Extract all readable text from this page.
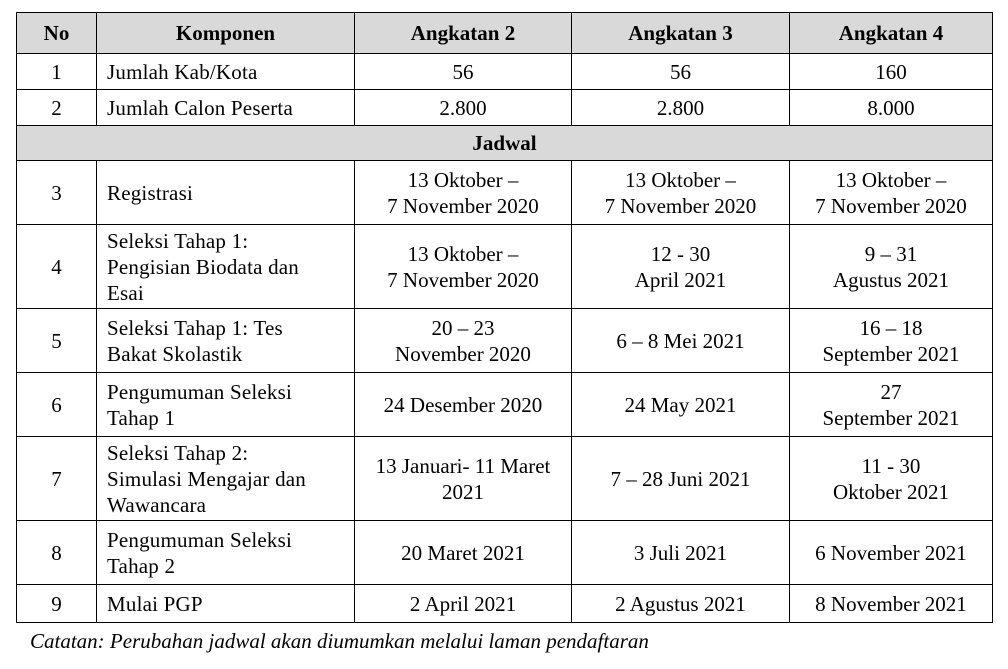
No	Komponen	Angkatan 2	Angkatan 3	Angkatan 4
1	Jumlah Kab/Kota	56	56	160

2	Jumlah Calon Peserta	2.800	2.800	8.000

Jadwal				
3	Registrasi	13 Oktober –
7 November 2020	13 Oktober –
7 November 2020	13 Oktober –
7 November 2020

4	Seleksi Tahap 1:
Pengisian Biodata dan
Esai	13 Oktober –
7 November 2020	12 - 30
April 2021	9 – 31
Agustus 2021

5	Seleksi Tahap 1: Tes
Bakat Skolastik	20 – 23
November 2020	6 – 8 Mei 2021	16 – 18
September 2021

6	Pengumuman Seleksi
Tahap 1	24 Desember 2020	24 May 2021	27
September 2021

7	Seleksi Tahap 2:
Simulasi Mengajar dan
Wawancara	13 Januari- 11 Maret
2021	7 – 28 Juni 2021	11 - 30
Oktober 2021

8	Pengumuman Seleksi
Tahap 2	20 Maret 2021	3 Juli 2021	6 November 2021

9	Mulai PGP	2 April 2021	2 Agustus 2021	8 November 2021
Catatan: Perubahan jadwal akan diumumkan melalui laman pendaftaran
